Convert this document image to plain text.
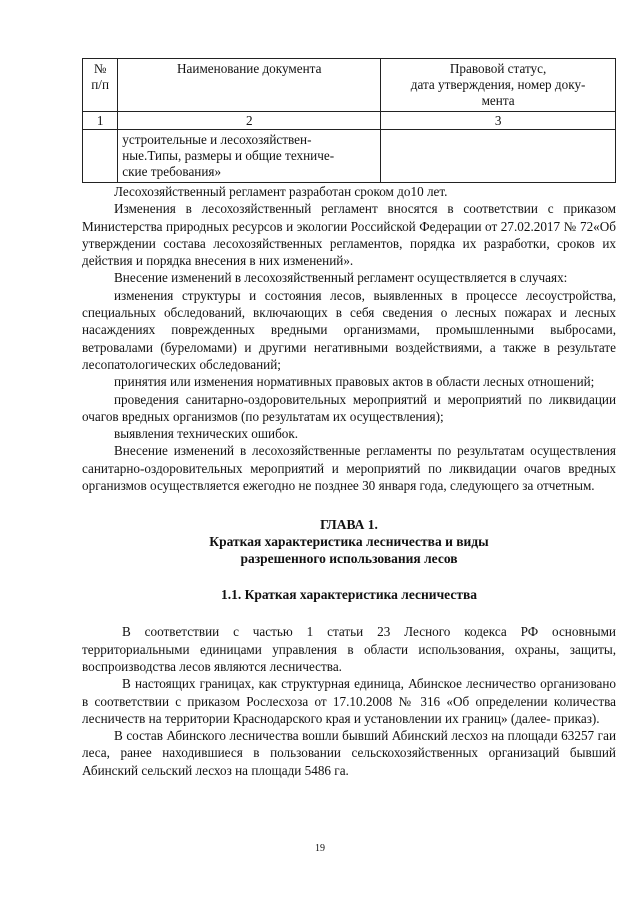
№
п/п	Наименование документа	Правовой статус,
дата утверждения, номер доку-
мента
1	2	3
	устроительные и лесохозяйствен-
ные.Типы, размеры и общие техниче-
ские требования»	

Лесохозяйственный регламент разработан сроком до10 лет.

Изменения в лесохозяйственный регламент вносятся в соответствии с приказом Министерства природных ресурсов и экологии Российской Федерации от 27.02.2017 № 72«Об утверждении состава лесохозяйственных регламентов, порядка их разработки, сроков их действия и порядка внесения в них изменений».

Внесение изменений в лесохозяйственный регламент осуществляется в случаях:

изменения структуры и состояния лесов, выявленных в процессе лесоустройства, специальных обследований, включающих в себя сведения о лесных пожарах и лесных насаждениях поврежденных вредными организмами, промышленными выбросами, ветровалами (буреломами) и другими негативными воздействиями, а также в результате лесопатологических обследований;

принятия или изменения нормативных правовых актов в области лесных отношений;

проведения санитарно-оздоровительных мероприятий и мероприятий по ликвидации очагов вредных организмов (по результатам их осуществления);

выявления технических ошибок.

Внесение изменений в лесохозяйственные регламенты по результатам осуществления санитарно-оздоровительных мероприятий и мероприятий по ликвидации очагов вредных организмов осуществляется ежегодно не позднее 30 января года, следующего за отчетным.

ГЛАВА 1.
Краткая характеристика лесничества и виды
разрешенного использования лесов
1.1. Краткая характеристика лесничества

В соответствии с частью 1 статьи 23 Лесного кодекса РФ основными территориальными единицами управления в области использования, охраны, защиты, воспроизводства лесов являются лесничества.

В настоящих границах, как структурная единица, Абинское лесничество организовано в соответствии с приказом Рослесхоза от 17.10.2008 № 316 «Об определении количества лесничеств на территории Краснодарского края и установлении их границ» (далее- приказ).

В состав Абинского лесничества вошли бывший Абинский лесхоз на площади 63257 гаи леса, ранее находившиеся в пользовании сельскохозяйственных организаций бывший Абинский сельский лесхоз на площади 5486 га.

19
